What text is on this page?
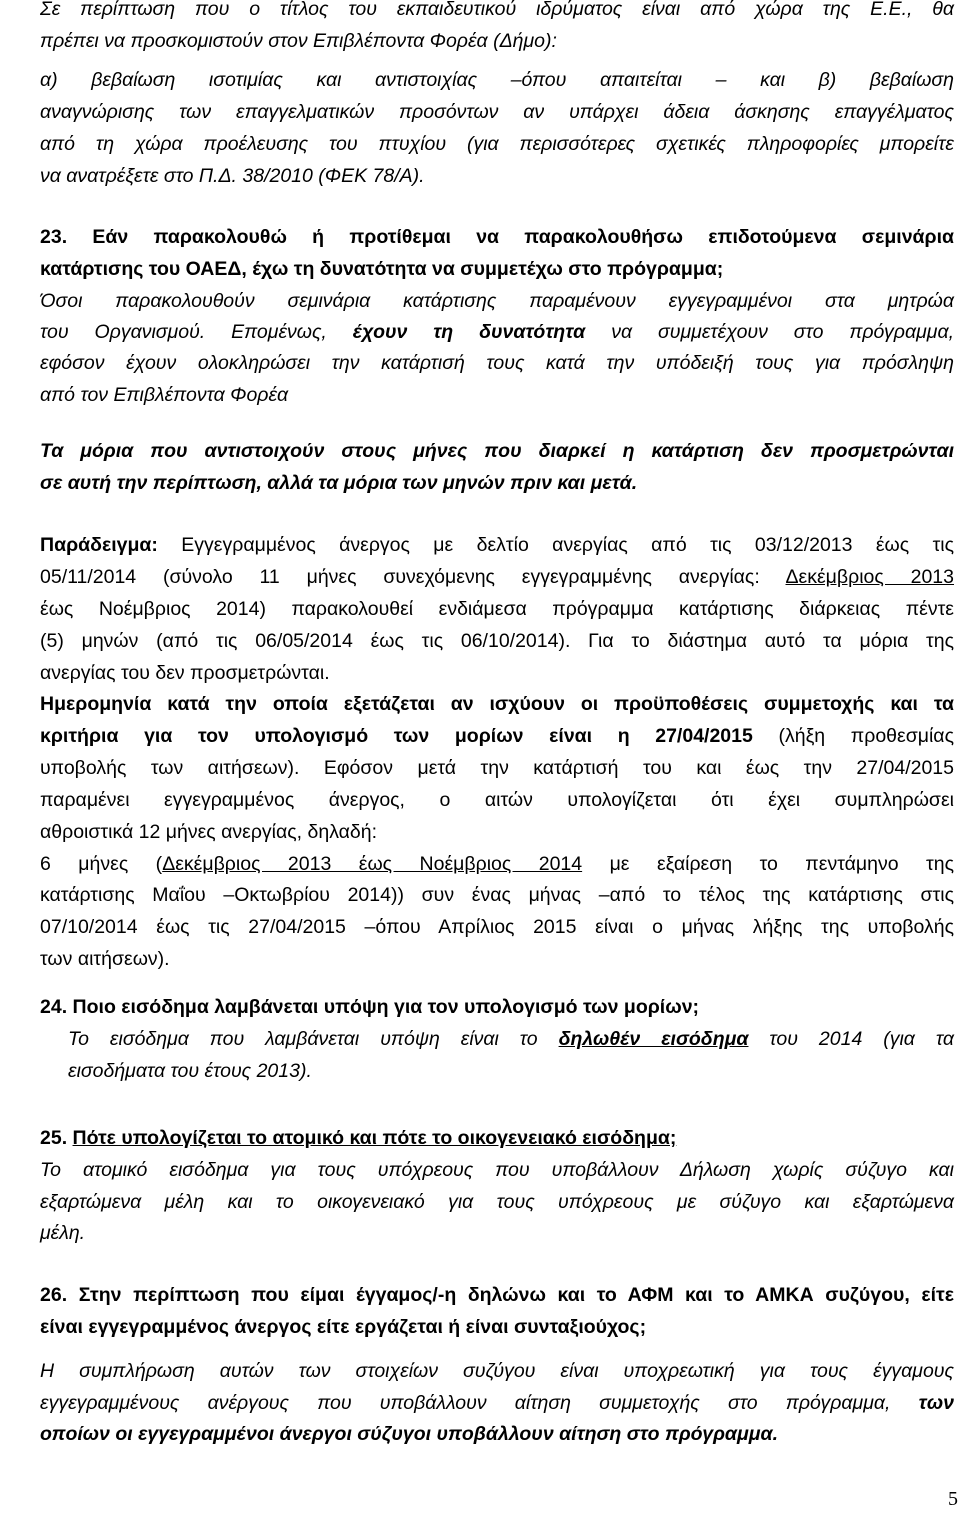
Σε περίπτωση που ο τίτλος του εκπαιδευτικού ιδρύματος είναι από χώρα της Ε.Ε., θα
πρέπει να προσκομιστούν στον Επιβλέποντα Φορέα (Δήμο):
α) βεβαίωση ισοτιμίας και αντιστοιχίας –όπου απαιτείται – και β) βεβαίωση
αναγνώρισης των επαγγελματικών προσόντων αν υπάρχει άδεια άσκησης επαγγέλματος
από τη χώρα προέλευσης του πτυχίου (για περισσότερες σχετικές πληροφορίες μπορείτε
να ανατρέξετε στο Π.Δ. 38/2010 (ΦΕΚ 78/Α).
23. Εάν παρακολουθώ ή προτίθεμαι να παρακολουθήσω επιδοτούμενα σεμινάρια
κατάρτισης του ΟΑΕΔ, έχω τη δυνατότητα να συμμετέχω στο πρόγραμμα;
Όσοι παρακολουθούν σεμινάρια κατάρτισης παραμένουν εγγεγραμμένοι στα μητρώα
του Οργανισμού. Επομένως, έχουν τη δυνατότητα να συμμετέχουν στο πρόγραμμα,
εφόσον έχουν ολοκληρώσει την κατάρτισή τους κατά την υπόδειξή τους για πρόσληψη
από τον Επιβλέποντα Φορέα
Τα μόρια που αντιστοιχούν στους μήνες που διαρκεί η κατάρτιση δεν προσμετρώνται
σε αυτή την περίπτωση, αλλά τα μόρια των μηνών πριν και μετά.
Παράδειγμα: Εγγεγραμμένος άνεργος με δελτίο ανεργίας από τις 03/12/2013 έως τις
05/11/2014 (σύνολο 11 μήνες συνεχόμενης εγγεγραμμένης ανεργίας: Δεκέμβριος 2013
έως Νοέμβριος 2014) παρακολουθεί ενδιάμεσα πρόγραμμα κατάρτισης διάρκειας πέντε
(5) μηνών (από τις 06/05/2014 έως τις 06/10/2014). Για το διάστημα αυτό τα μόρια της
ανεργίας του δεν προσμετρώνται.
Ημερομηνία κατά την οποία εξετάζεται αν ισχύουν οι προϋποθέσεις συμμετοχής και τα
κριτήρια για τον υπολογισμό των μορίων είναι η 27/04/2015 (λήξη προθεσμίας
υποβολής των αιτήσεων). Εφόσον μετά την κατάρτισή του και έως την 27/04/2015
παραμένει εγγεγραμμένος άνεργος, ο αιτών υπολογίζεται ότι έχει συμπληρώσει
αθροιστικά 12 μήνες ανεργίας, δηλαδή:
6 μήνες (Δεκέμβριος 2013 έως Νοέμβριος 2014 με εξαίρεση το πεντάμηνο της
κατάρτισης Μαΐου –Οκτωβρίου 2014)) συν ένας μήνας –από το τέλος της κατάρτισης στις
07/10/2014 έως τις 27/04/2015 –όπου Απρίλιος 2015 είναι ο μήνας λήξης της υποβολής
των αιτήσεων).
24. Ποιο εισόδημα λαμβάνεται υπόψη για τον υπολογισμό των μορίων;
Το εισόδημα που λαμβάνεται υπόψη είναι το δηλωθέν εισόδημα του 2014 (για τα
εισοδήματα του έτους 2013).
25. Πότε υπολογίζεται το ατομικό και πότε το οικογενειακό εισόδημα;
Το ατομικό εισόδημα για τους υπόχρεους που υποβάλλουν Δήλωση χωρίς σύζυγο και
εξαρτώμενα μέλη και το οικογενειακό για τους υπόχρεους με σύζυγο και εξαρτώμενα
μέλη.
26. Στην περίπτωση που είμαι έγγαμος/-η δηλώνω και το ΑΦΜ και το ΑΜΚΑ συζύγου, είτε
είναι εγγεγραμμένος άνεργος είτε εργάζεται ή είναι συνταξιούχος;
Η συμπλήρωση αυτών των στοιχείων συζύγου είναι υποχρεωτική για τους έγγαμους
εγγεγραμμένους ανέργους που υποβάλλουν αίτηση συμμετοχής στο πρόγραμμα, των
οποίων οι εγγεγραμμένοι άνεργοι σύζυγοι υποβάλλουν αίτηση στο πρόγραμμα.
5
